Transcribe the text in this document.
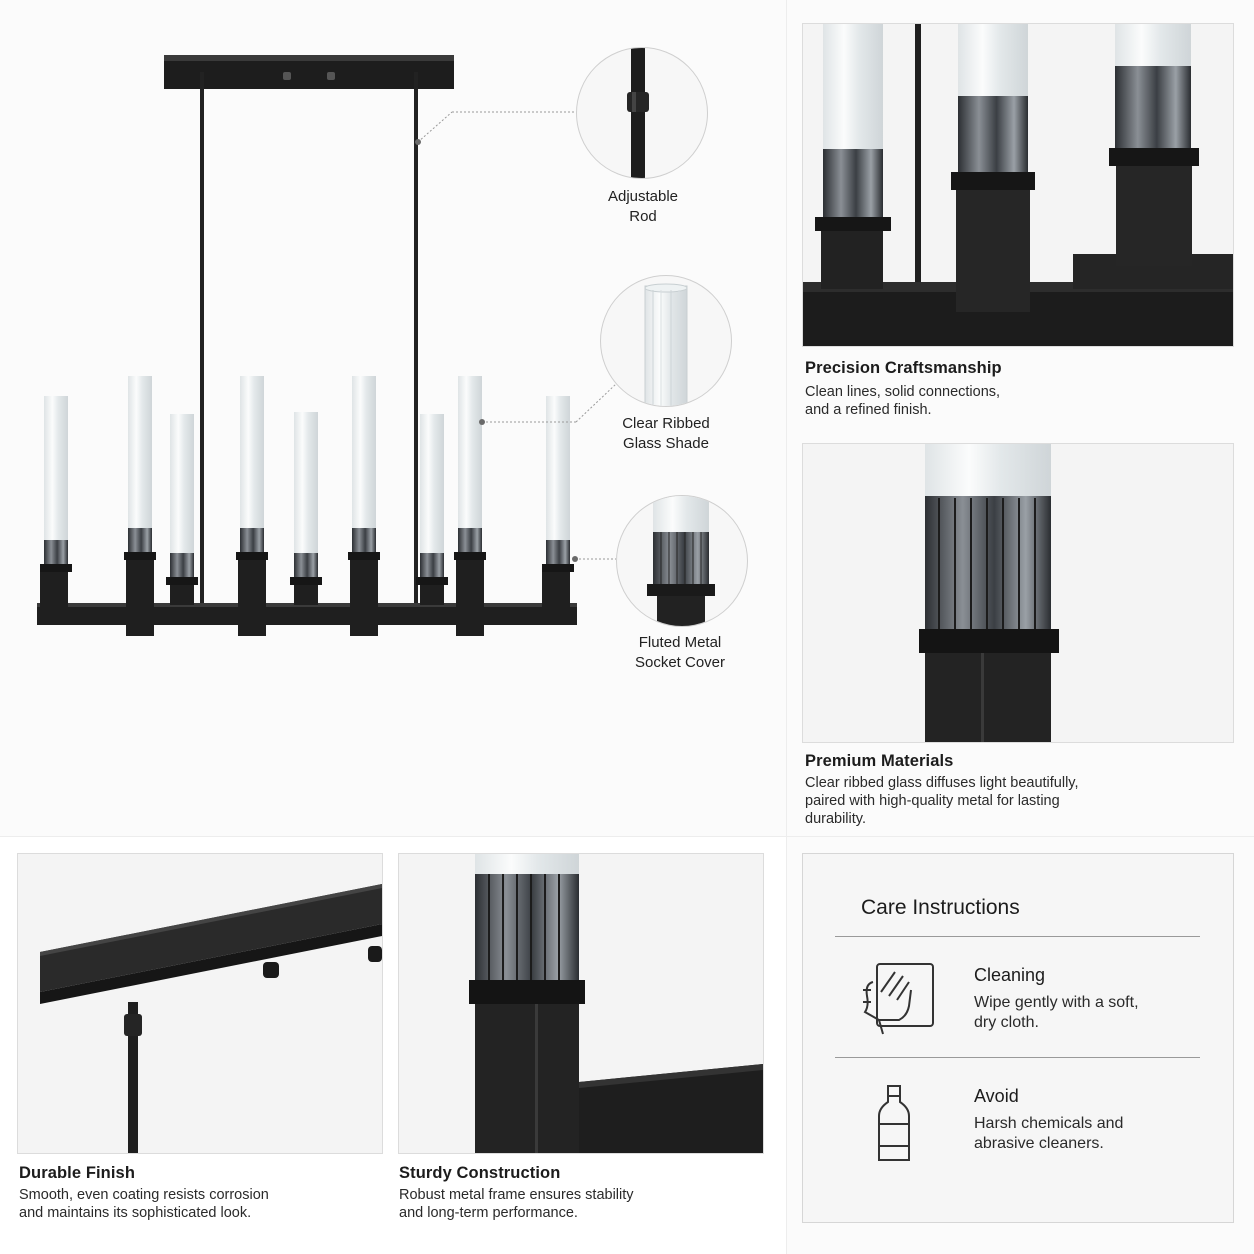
Adjustable
Rod
Clear Ribbed
Glass Shade
Fluted Metal
Socket Cover
Precision Craftsmanship
Clean lines, solid connections,
and a refined finish.
Premium Materials
Clear ribbed glass diffuses light beautifully,
paired with high-quality metal for lasting
durability.
Durable Finish
Smooth, even coating resists corrosion
and maintains its sophisticated look.
Sturdy Construction
Robust metal frame ensures stability
and long-term performance.
Care Instructions
Cleaning
Wipe gently with a soft,
dry cloth.
Avoid
Harsh chemicals and
abrasive cleaners.
